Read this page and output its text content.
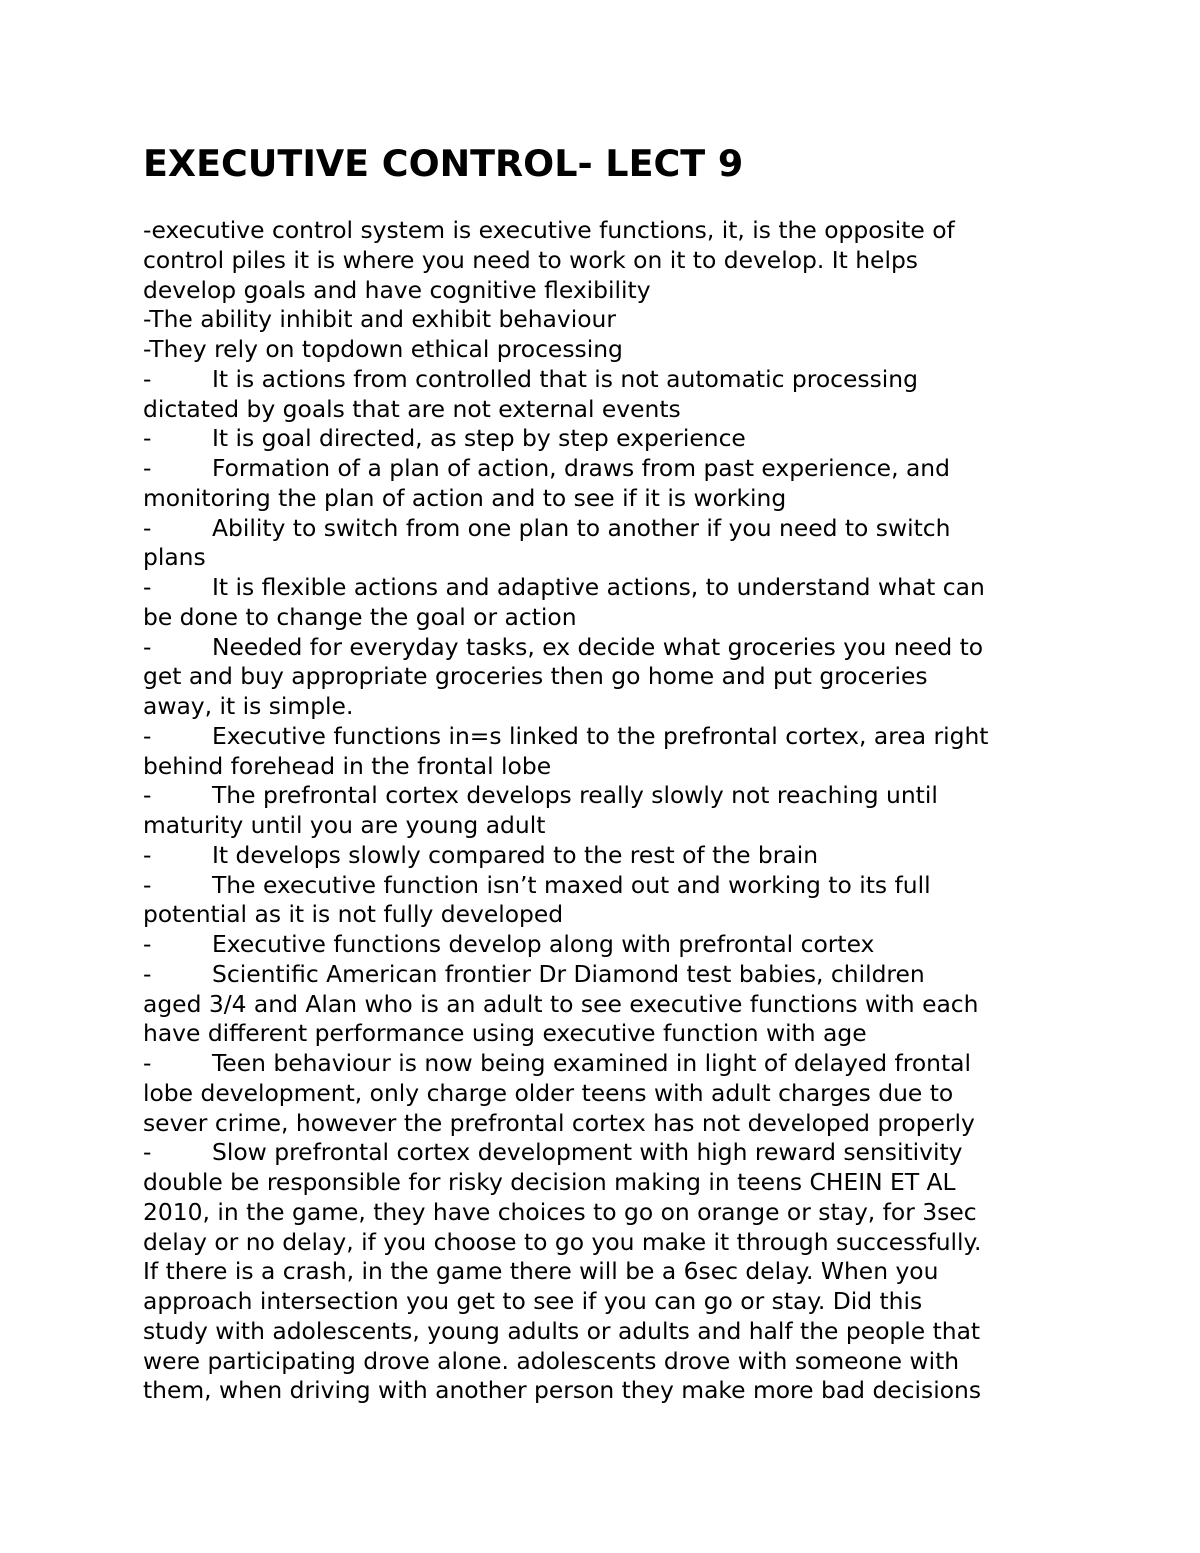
EXECUTIVE CONTROL- LECT 9
-executive control system is executive functions, it, is the opposite of
control piles it is where you need to work on it to develop. It helps
develop goals and have cognitive flexibility
-The ability inhibit and exhibit behaviour
-They rely on topdown ethical processing
-	It is actions from controlled that is not automatic processing
dictated by goals that are not external events
-	It is goal directed, as step by step experience
-	Formation of a plan of action, draws from past experience, and
monitoring the plan of action and to see if it is working
-	Ability to switch from one plan to another if you need to switch
plans
-	It is flexible actions and adaptive actions, to understand what can
be done to change the goal or action
-	Needed for everyday tasks, ex decide what groceries you need to
get and buy appropriate groceries then go home and put groceries
away, it is simple.
-	Executive functions in=s linked to the prefrontal cortex, area right
behind forehead in the frontal lobe
-	The prefrontal cortex develops really slowly not reaching until
maturity until you are young adult
-	It develops slowly compared to the rest of the brain
-	The executive function isn’t maxed out and working to its full
potential as it is not fully developed
-	Executive functions develop along with prefrontal cortex
-	Scientific American frontier Dr Diamond test babies, children
aged 3/4 and Alan who is an adult to see executive functions with each
have different performance using executive function with age
-	Teen behaviour is now being examined in light of delayed frontal
lobe development, only charge older teens with adult charges due to
sever crime, however the prefrontal cortex has not developed properly
-	Slow prefrontal cortex development with high reward sensitivity
double be responsible for risky decision making in teens CHEIN ET AL
2010, in the game, they have choices to go on orange or stay, for 3sec
delay or no delay, if you choose to go you make it through successfully.
If there is a crash, in the game there will be a 6sec delay. When you
approach intersection you get to see if you can go or stay. Did this
study with adolescents, young adults or adults and half the people that
were participating drove alone. adolescents drove with someone with
them, when driving with another person they make more bad decisions
